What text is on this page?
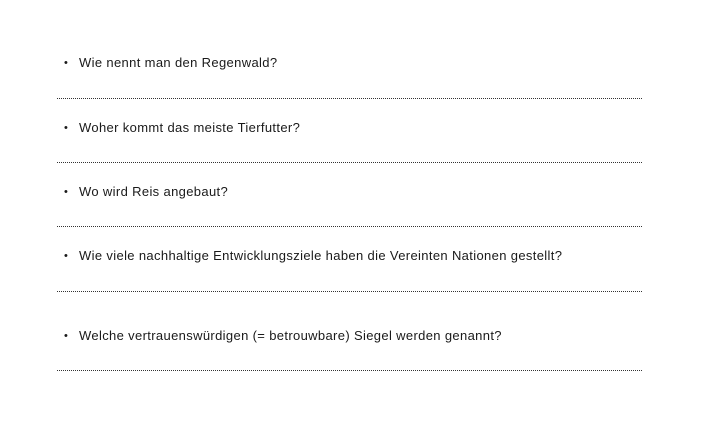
• Wie nennt man den Regenwald?
• Woher kommt das meiste Tierfutter?
• Wo wird Reis angebaut?
• Wie viele nachhaltige Entwicklungsziele haben die Vereinten Nationen gestellt?
• Welche vertrauenswürdigen (= betrouwbare) Siegel werden genannt?
